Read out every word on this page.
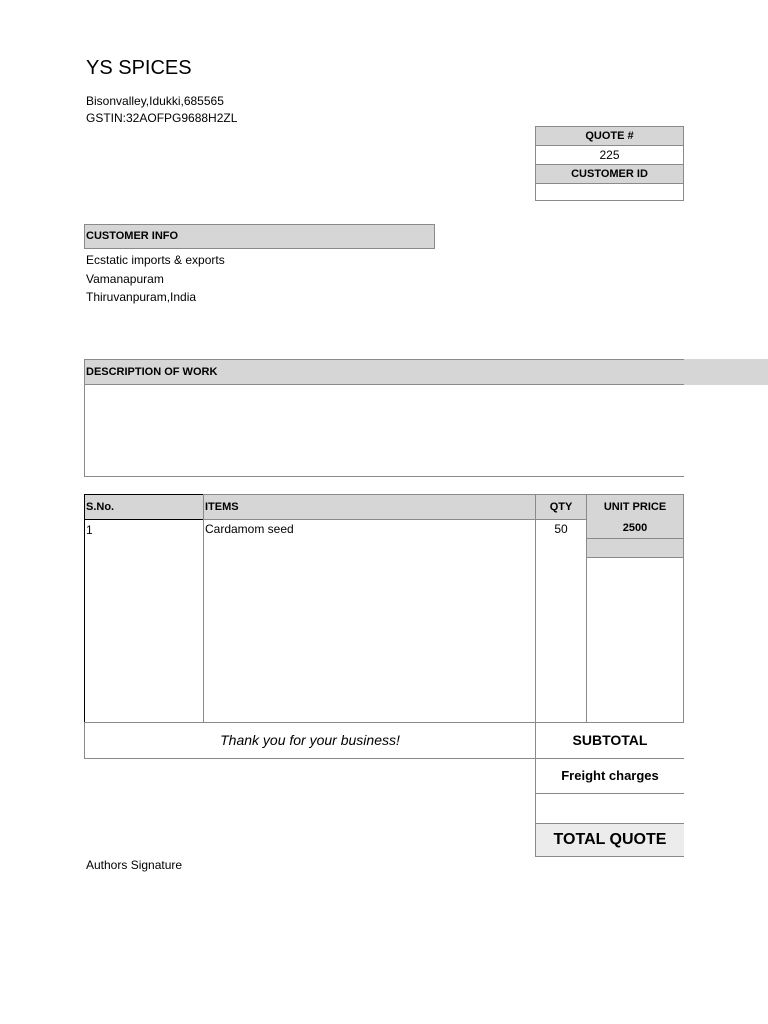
YS SPICES
Bisonvalley,Idukki,685565
GSTIN:32AOFPG9688H2ZL
QUOTE #
225
CUSTOMER ID
CUSTOMER INFO
Ecstatic imports & exports
Vamanapuram
Thiruvanpuram,India
DESCRIPTION OF WORK
S.No.	ITEMS	QTY	UNIT PRICE
1	Cardamom seed	50	2500
Thank you for your business!	SUBTOTAL
Freight charges
TOTAL QUOTE
Authors Signature
